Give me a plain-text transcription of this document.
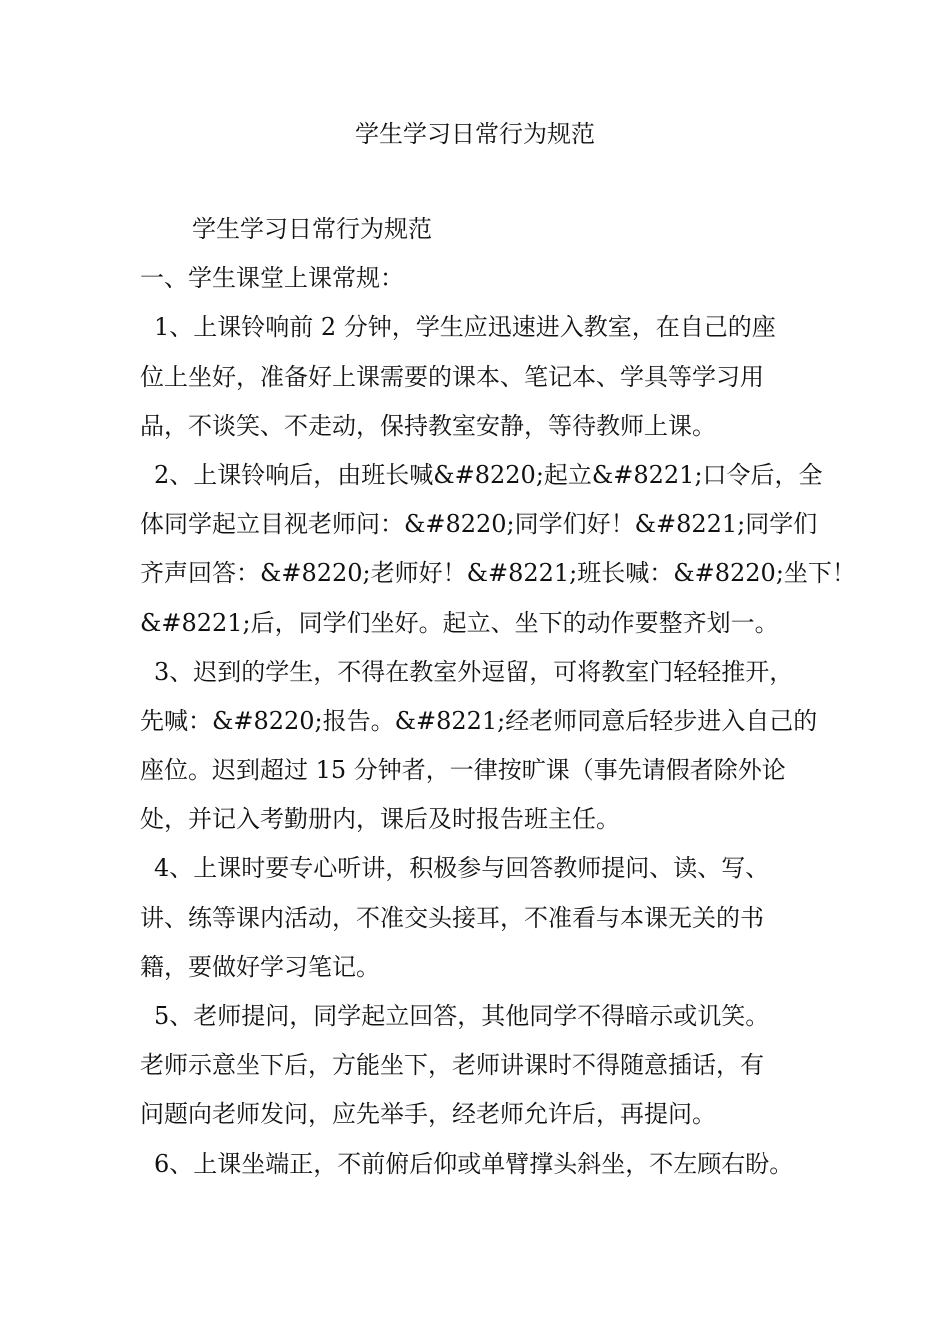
学生学习日常行为规范
学生学习日常行为规范
一、学生课堂上课常规：
1、上课铃响前 2 分钟，学生应迅速进入教室，在自己的座
位上坐好，准备好上课需要的课本、笔记本、学具等学习用
品，不谈笑、不走动，保持教室安静，等待教师上课。
2、上课铃响后，由班长喊&#8220;起立&#8221;口令后，全
体同学起立目视老师问：&#8220;同学们好！&#8221;同学们
齐声回答：&#8220;老师好！&#8221;班长喊：&#8220;坐下！
&#8221;后，同学们坐好。起立、坐下的动作要整齐划一。
3、迟到的学生，不得在教室外逗留，可将教室门轻轻推开，
先喊：&#8220;报告。&#8221;经老师同意后轻步进入自己的
座位。迟到超过 15 分钟者，一律按旷课（事先请假者除外论
处，并记入考勤册内，课后及时报告班主任。
4、上课时要专心听讲，积极参与回答教师提问、读、写、
讲、练等课内活动，不准交头接耳，不准看与本课无关的书
籍，要做好学习笔记。
5、老师提问，同学起立回答，其他同学不得暗示或讥笑。
老师示意坐下后，方能坐下，老师讲课时不得随意插话，有
问题向老师发问，应先举手，经老师允许后，再提问。
6、上课坐端正，不前俯后仰或单臂撑头斜坐，不左顾右盼。
